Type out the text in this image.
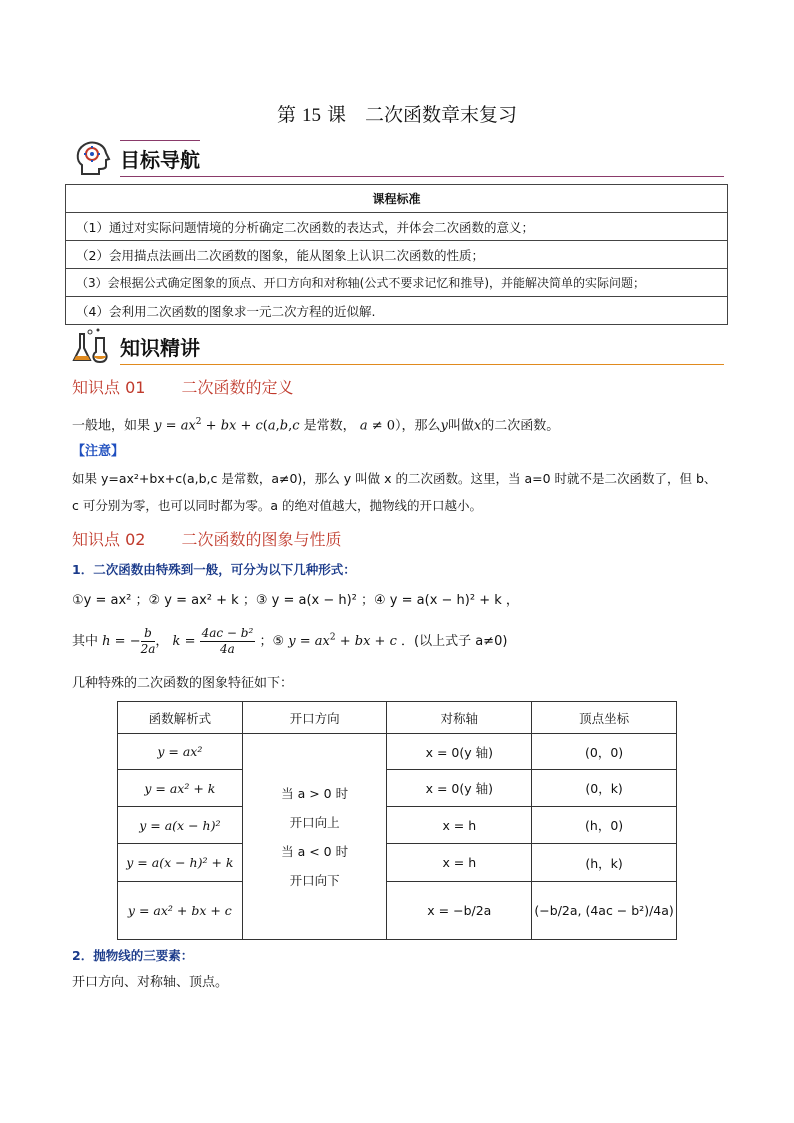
第 15 课　二次函数章末复习
目标导航
课程标准
（1）通过对实际问题情境的分析确定二次函数的表达式，并体会二次函数的意义；
（2）会用描点法画出二次函数的图象，能从图象上认识二次函数的性质；
（3）会根据公式确定图象的顶点、开口方向和对称轴(公式不要求记忆和推导)，并能解决简单的实际问题；
（4）会利用二次函数的图象求一元二次方程的近似解.
知识精讲
知识点 01 二次函数的定义
一般地，如果 $y = ax^2$ + bx + c(a,b,c 是常数， a ≠ 0），那么y叫做x的二次函数。
【注意】
如果 y=ax²+bx+c(a,b,c 是常数，a≠0)，那么 y 叫做 x 的二次函数。这里，当 a=0 时就不是二次函数了，但 b、
c 可分别为零，也可以同时都为零。a 的绝对值越大，抛物线的开口越小。
知识点 02 二次函数的图象与性质
1．二次函数由特殊到一般，可分为以下几种形式：
①y = ax² ；② y = ax² + k ；③ y = a(x − h)² ；④ y = a(x − h)² + k ，
其中 h = − $\frac{b}{2a}$ ， $k = \frac{\text{4ac − b²}}{4a}$ ；⑤ $y = ax^2$ + bx + c ．(以上式子 a≠0)
几种特殊的二次函数的图象特征如下：
函数解析式	开口方向	对称轴	顶点坐标
y = ax²	当 a > 0 时
开口向上
当 a < 0 时
开口向下	x = 0(y 轴)	(0，0)
y = ax² + k		x = 0(y 轴)	(0，k)
y = a(x − h)²		x = h	(h，0)
y = a(x − h)² + k		x = h	(h，k)
y = ax² + bx + c		x = −b/2a	(−b/2a, (4ac − b²)/4a)
2．抛物线的三要素：
开口方向、对称轴、顶点。
